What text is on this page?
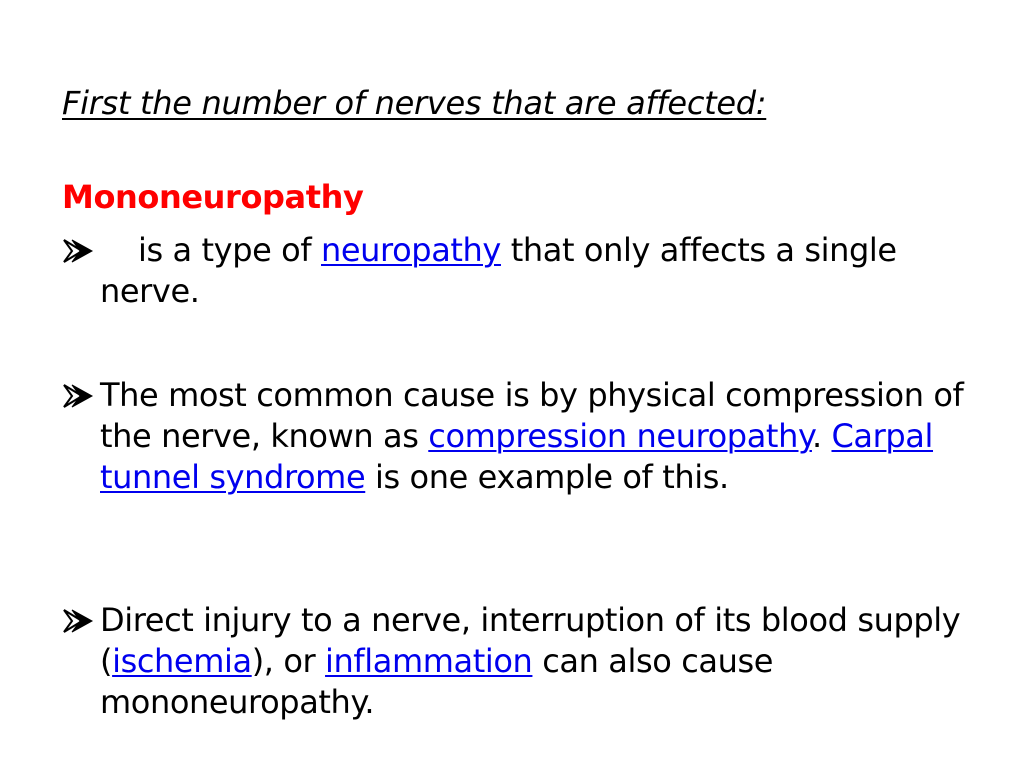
First the number of nerves that are affected:
Mononeuropathy
is a type of neuropathy that only affects a single nerve.
The most common cause is by physical compression of the nerve, known as compression neuropathy. Carpal tunnel syndrome is one example of this.
Direct injury to a nerve, interruption of its blood supply (ischemia), or inflammation can also cause mononeuropathy.
